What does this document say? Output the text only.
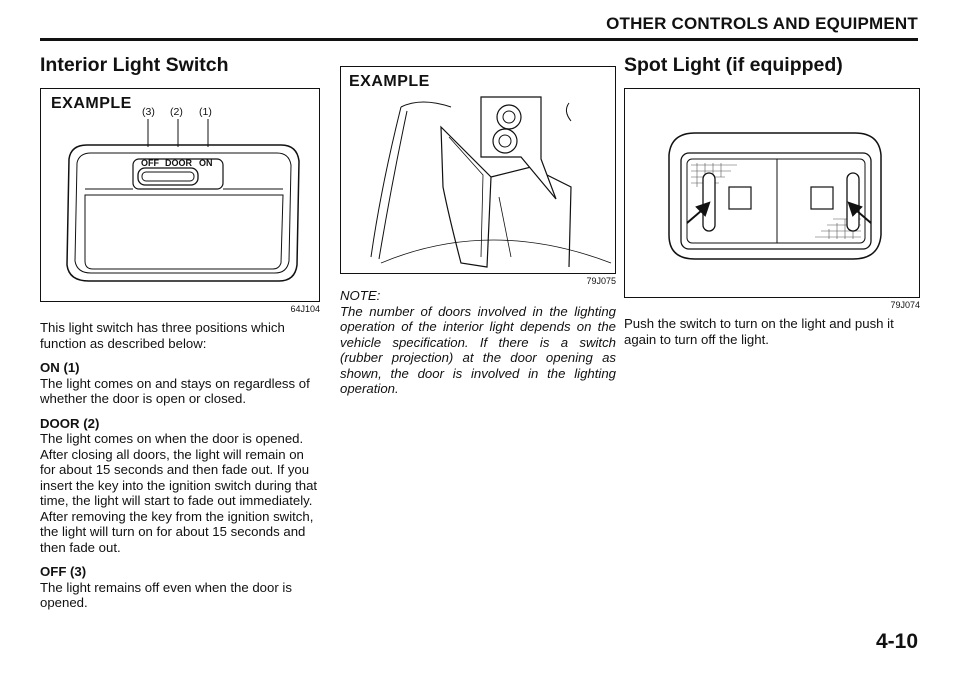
OTHER CONTROLS AND EQUIPMENT
Interior Light Switch
EXAMPLE (3) (2) (1)
OFF DOOR ON
64J104

This light switch has three positions which function as described below:

ON (1)

The light comes on and stays on regardless of whether the door is open or closed.

DOOR (2)

The light comes on when the door is opened. After closing all doors, the light will remain on for about 15 seconds and then fade out. If you insert the key into the ignition switch during that time, the light will start to fade out immediately. After removing the key from the ignition switch, the light will turn on for about 15 seconds and then fade out.

OFF (3)

The light remains off even when the door is opened.

EXAMPLE
79J075
NOTE:

The number of doors involved in the lighting operation of the interior light depends on the vehicle specification. If there is a switch (rubber projection) at the door opening as shown, the door is involved in the lighting operation.

Spot Light (if equipped)
79J074

Push the switch to turn on the light and push it again to turn off the light.

4-10
